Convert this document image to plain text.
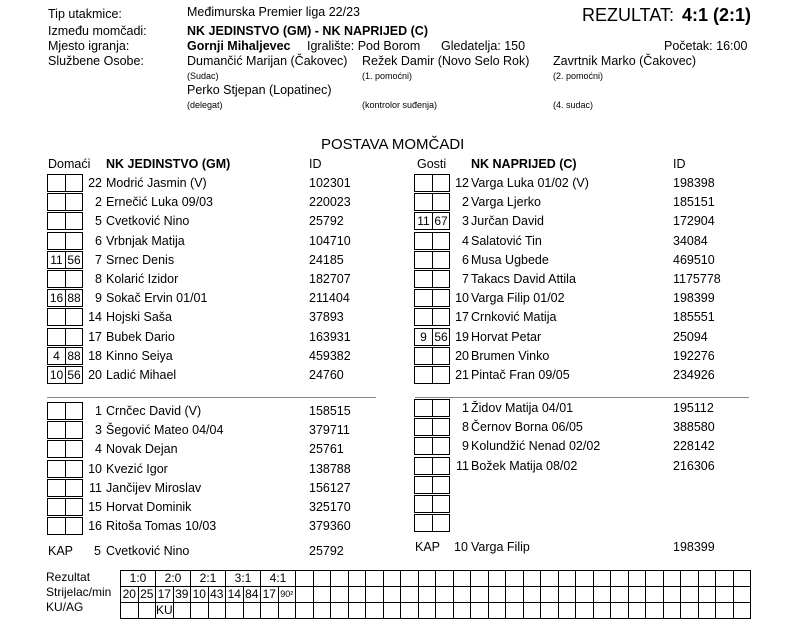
Tip utakmice:	Međimurska Premier liga 22/23	REZULTAT: 4:1 (2:1)
Između momčadi:	NK JEDINSTVO (GM) - NK NAPRIJED (C)
Mjesto igranja:	Gornji Mihaljevec Igralište: Pod Borom Gledatelja: 150	Početak: 16:00
Službene Osobe:	Dumančić Marijan (Čakovec) Režek Damir (Novo Selo Rok) Zavrtnik Marko (Čakovec)
(Sudac)	(1. pomoćni)	(2. pomoćni)
Perko Stjepan (Lopatinec)
(delegat)	(kontrolor suđenja)	(4. sudac)
POSTAVA MOMČADI
Domaći NK JEDINSTVO (GM)	ID	Gosti NK NAPRIJED (C)	ID
22 Modrić Jasmin (V)	102301
2 Ernečić Luka 09/03	220023
5 Cvetković Nino	25792
6 Vrbnjak Matija	104710
11 56	7 Srnec Denis	24185
8 Kolarić Izidor	182707
16 88	9 Sokač Ervin 01/01	211404
14 Hojski Saša	37893
17 Bubek Dario	163931
4 88 18 Kinno Seiya	459382
10 56 20 Ladić Mihael	24760
12 Varga Luka 01/02 (V)	198398
2 Varga Ljerko	185151
11 67	3 Jurčan David	172904
4 Salatović Tin	34084
6 Musa Ugbede	469510
7 Takacs David Attila	1175778
10 Varga Filip 01/02	198399
17 Crnković Matija	185551
9 56 19 Horvat Petar	25094
20 Brumen Vinko	192276
21 Pintač Fran 09/05	234926
1 Crnčec David (V)	158515
3 Šegović Mateo 04/04	379711
4 Novak Dejan	25761
10 Kvezić Igor	138788
11 Jančijev Miroslav	156127
15 Horvat Dominik	325170
16 Ritoša Tomas 10/03	379360
1 Židov Matija 04/01	195112
8 Černov Borna 06/05	388580
9 Kolundžić Nenad 02/02	228142
11 Božek Matija 08/02	216306
KAP 5 Cvetković Nino	25792	KAP 10 Varga Filip	198399
Rezultat
Strijelac/min
KU/AG
1:0		2:0		2:1		3:1		4:1																											
20	25	17	39	10	43	14	84	17	90²																										
		KU																																	
